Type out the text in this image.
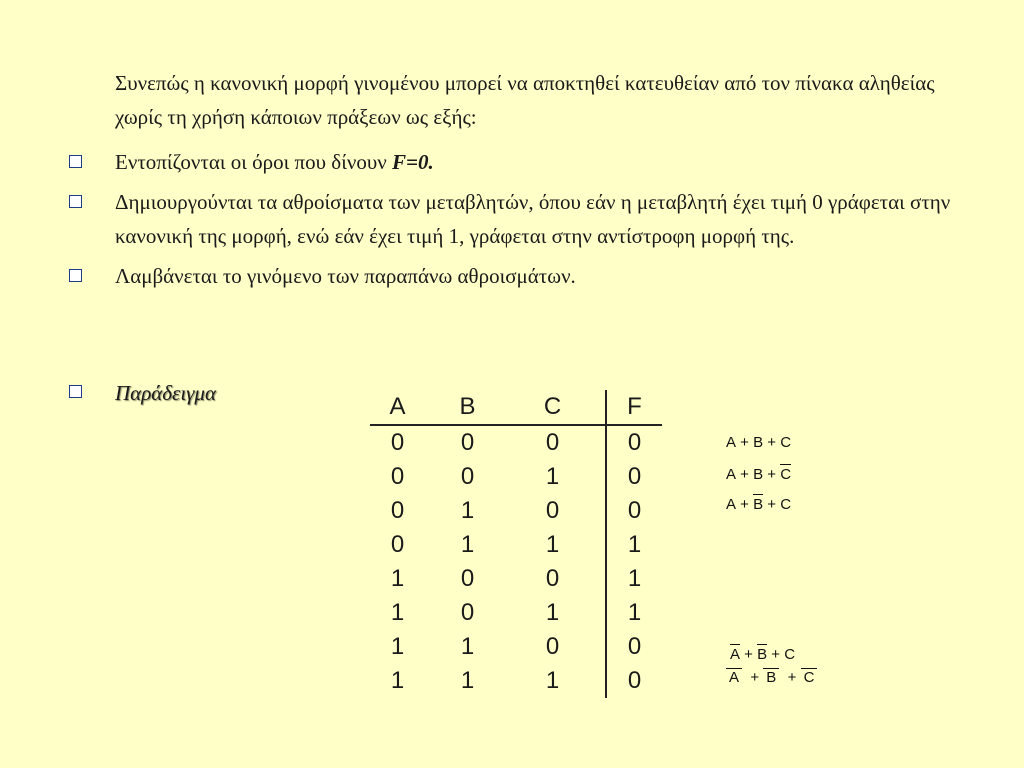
Συνεπώς η κανονική μορφή γινομένου μπορεί να αποκτηθεί κατευθείαν από τον πίνακα αληθείας χωρίς τη χρήση κάποιων πράξεων ως εξής:
Εντοπίζονται οι όροι που δίνουν F=0.
Δημιουργούνται τα αθροίσματα των μεταβλητών, όπου εάν η μεταβλητή έχει τιμή 0 γράφεται στην κανονική της μορφή, ενώ εάν έχει τιμή 1, γράφεται στην αντίστροφη μορφή της.
Λαμβάνεται το γινόμενο των παραπάνω αθροισμάτων.
Παράδειγμα	A	B	C		F
0	0	0		0
0	0	1		0
0	1	0		0
0	1	1		1
1	0	0		1
1	0	1		1
1	1	0		0
1	1	1		0
A + B + C
A + B + C
A + B + C
A + B + C
A  + B  + C
